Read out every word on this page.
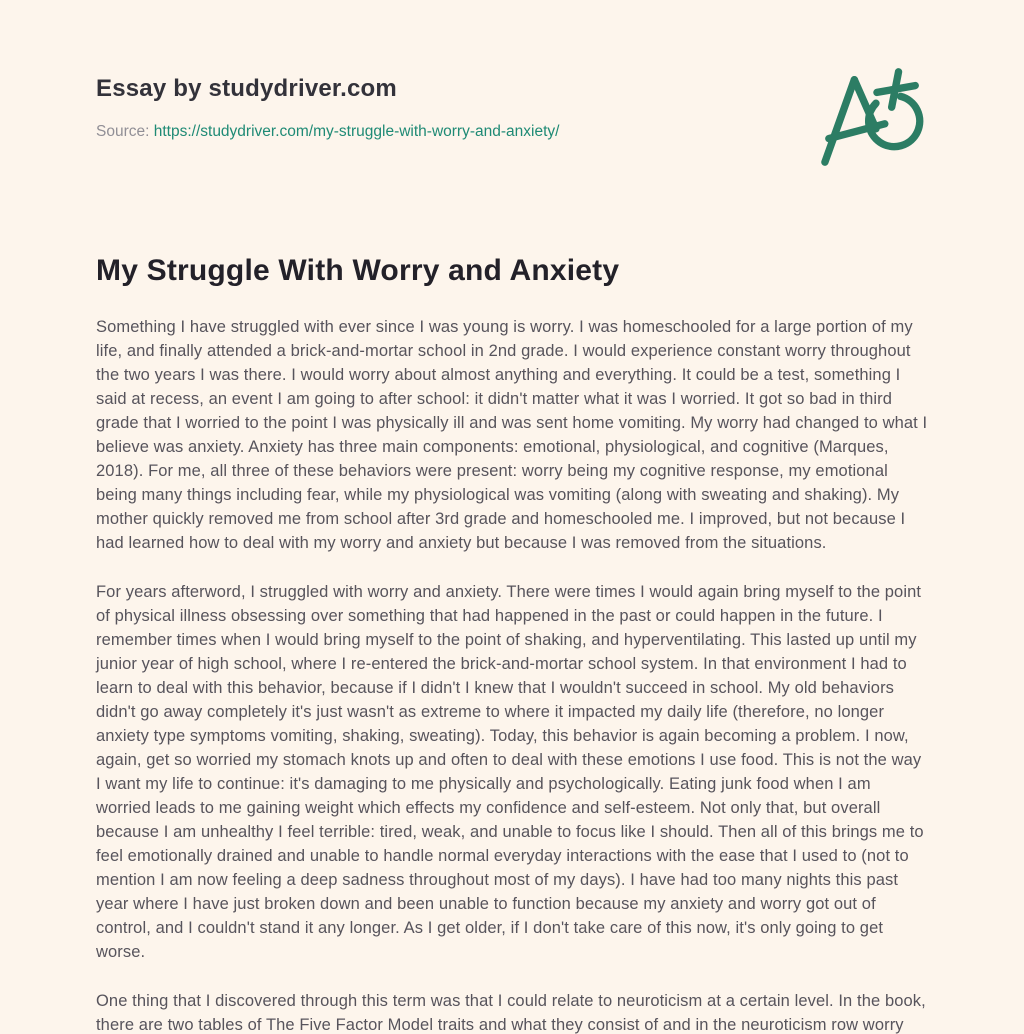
Essay by studydriver.com

Source: https://studydriver.com/my-struggle-with-worry-and-anxiety/

My Struggle With Worry and Anxiety

Something I have struggled with ever since I was young is worry. I was homeschooled for a large portion of my life, and finally attended a brick-and-mortar school in 2nd grade. I would experience constant worry throughout the two years I was there. I would worry about almost anything and everything. It could be a test, something I said at recess, an event I am going to after school: it didn't matter what it was I worried. It got so bad in third grade that I worried to the point I was physically ill and was sent home vomiting. My worry had changed to what I believe was anxiety. Anxiety has three main components: emotional, physiological, and cognitive (Marques, 2018). For me, all three of these behaviors were present: worry being my cognitive response, my emotional being many things including fear, while my physiological was vomiting (along with sweating and shaking). My mother quickly removed me from school after 3rd grade and homeschooled me. I improved, but not because I had learned how to deal with my worry and anxiety but because I was removed from the situations.

For years afterword, I struggled with worry and anxiety. There were times I would again bring myself to the point of physical illness obsessing over something that had happened in the past or could happen in the future. I remember times when I would bring myself to the point of shaking, and hyperventilating. This lasted up until my junior year of high school, where I re-entered the brick-and-mortar school system. In that environment I had to learn to deal with this behavior, because if I didn't I knew that I wouldn't succeed in school. My old behaviors didn't go away completely it's just wasn't as extreme to where it impacted my daily life (therefore, no longer anxiety type symptoms vomiting, shaking, sweating). Today, this behavior is again becoming a problem. I now, again, get so worried my stomach knots up and often to deal with these emotions I use food. This is not the way I want my life to continue: it's damaging to me physically and psychologically. Eating junk food when I am worried leads to me gaining weight which effects my confidence and self-esteem. Not only that, but overall because I am unhealthy I feel terrible: tired, weak, and unable to focus like I should. Then all of this brings me to feel emotionally drained and unable to handle normal everyday interactions with the ease that I used to (not to mention I am now feeling a deep sadness throughout most of my days). I have had too many nights this past year where I have just broken down and been unable to function because my anxiety and worry got out of control, and I couldn't stand it any longer. As I get older, if I don't take care of this now, it's only going to get worse.

One thing that I discovered through this term was that I could relate to neuroticism at a certain level. In the book, there are two tables of The Five Factor Model traits and what they consist of and in the neuroticism row worry
